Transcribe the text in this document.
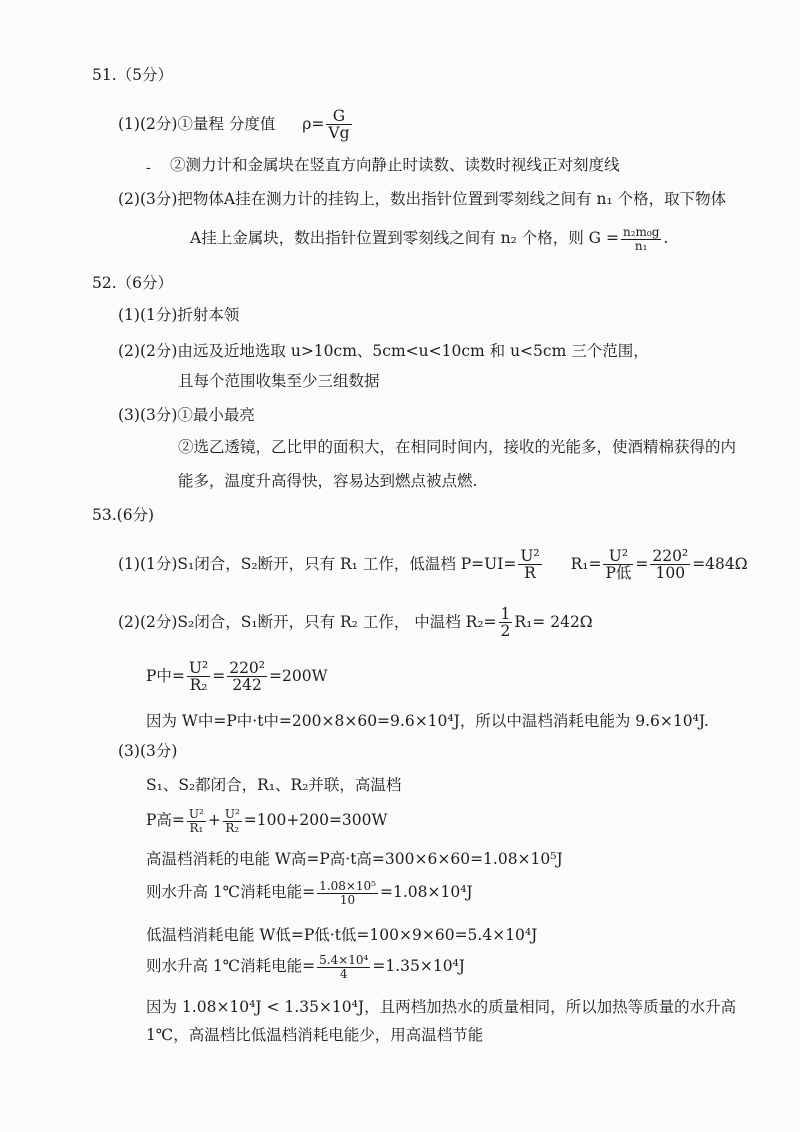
51.（5分）
(1)(2分)①量程 分度值 $\rho= \frac{G}{Vg}$
- ②测力计和金属块在竖直方向静止时读数、读数时视线正对刻度线
(2)(3分)把物体A挂在测力计的挂钩上，数出指针位置到零刻线之间有 n₁ 个格，取下物体
A挂上金属块，数出指针位置到零刻线之间有 n₂ 个格，则 $G = \frac{\text{n₂m₀g}}{\text{n₁}}$ .
52.（6分）
(1)(1分)折射本领
(2)(2分)由远及近地选取 u>10cm、5cm<u<10cm 和 u<5cm 三个范围，
且每个范围收集至少三组数据
(3)(3分)①最小最亮
②选乙透镜，乙比甲的面积大，在相同时间内，接收的光能多，使酒精棉获得的内
能多，温度升高得快，容易达到燃点被点燃.
53.(6分)
(1)(1分)S₁闭合，S₂断开，只有 R₁ 工作，低温档 $P=UI= \frac{\text{U²}}{R} R_1= \frac{\text{U²}}{\text{P低}} = \frac{\text{220²}}{100} =484\Omega$
(2)(2分)S₂闭合，S₁断开，只有 R₂ 工作， 中温档 $R_2= \frac{1}{2} R_1= 242\Omega$
P中= $\frac{\text{U²}}{\text{R₂}} = \frac{\text{220²}}{242} =200W$
因为 W中=P中·t中=200×8×60=9.6×10⁴J，所以中温档消耗电能为 9.6×10⁴J.
(3)(3分)
S₁、S₂都闭合，R₁、R₂并联，高温档
P高= $\frac{\text{U²}}{\text{R₁}} + \frac{\text{U²}}{\text{R₂}} =100+200=300W$
高温档消耗的电能 W高=P高·t高=300×6×60=1.08×10⁵J
则水升高 1℃消耗电能= $\frac{\text{1.08×10⁵}}{10} =1.08\times 10^4J$
低温档消耗电能 W低=P低·t低=100×9×60=5.4×10⁴J
则水升高 1℃消耗电能= $\frac{\text{5.4×10⁴}}{4} =1.35\times 10^4J$
因为 1.08×10⁴J < 1.35×10⁴J，且两档加热水的质量相同，所以加热等质量的水升高
1℃，高温档比低温档消耗电能少，用高温档节能
